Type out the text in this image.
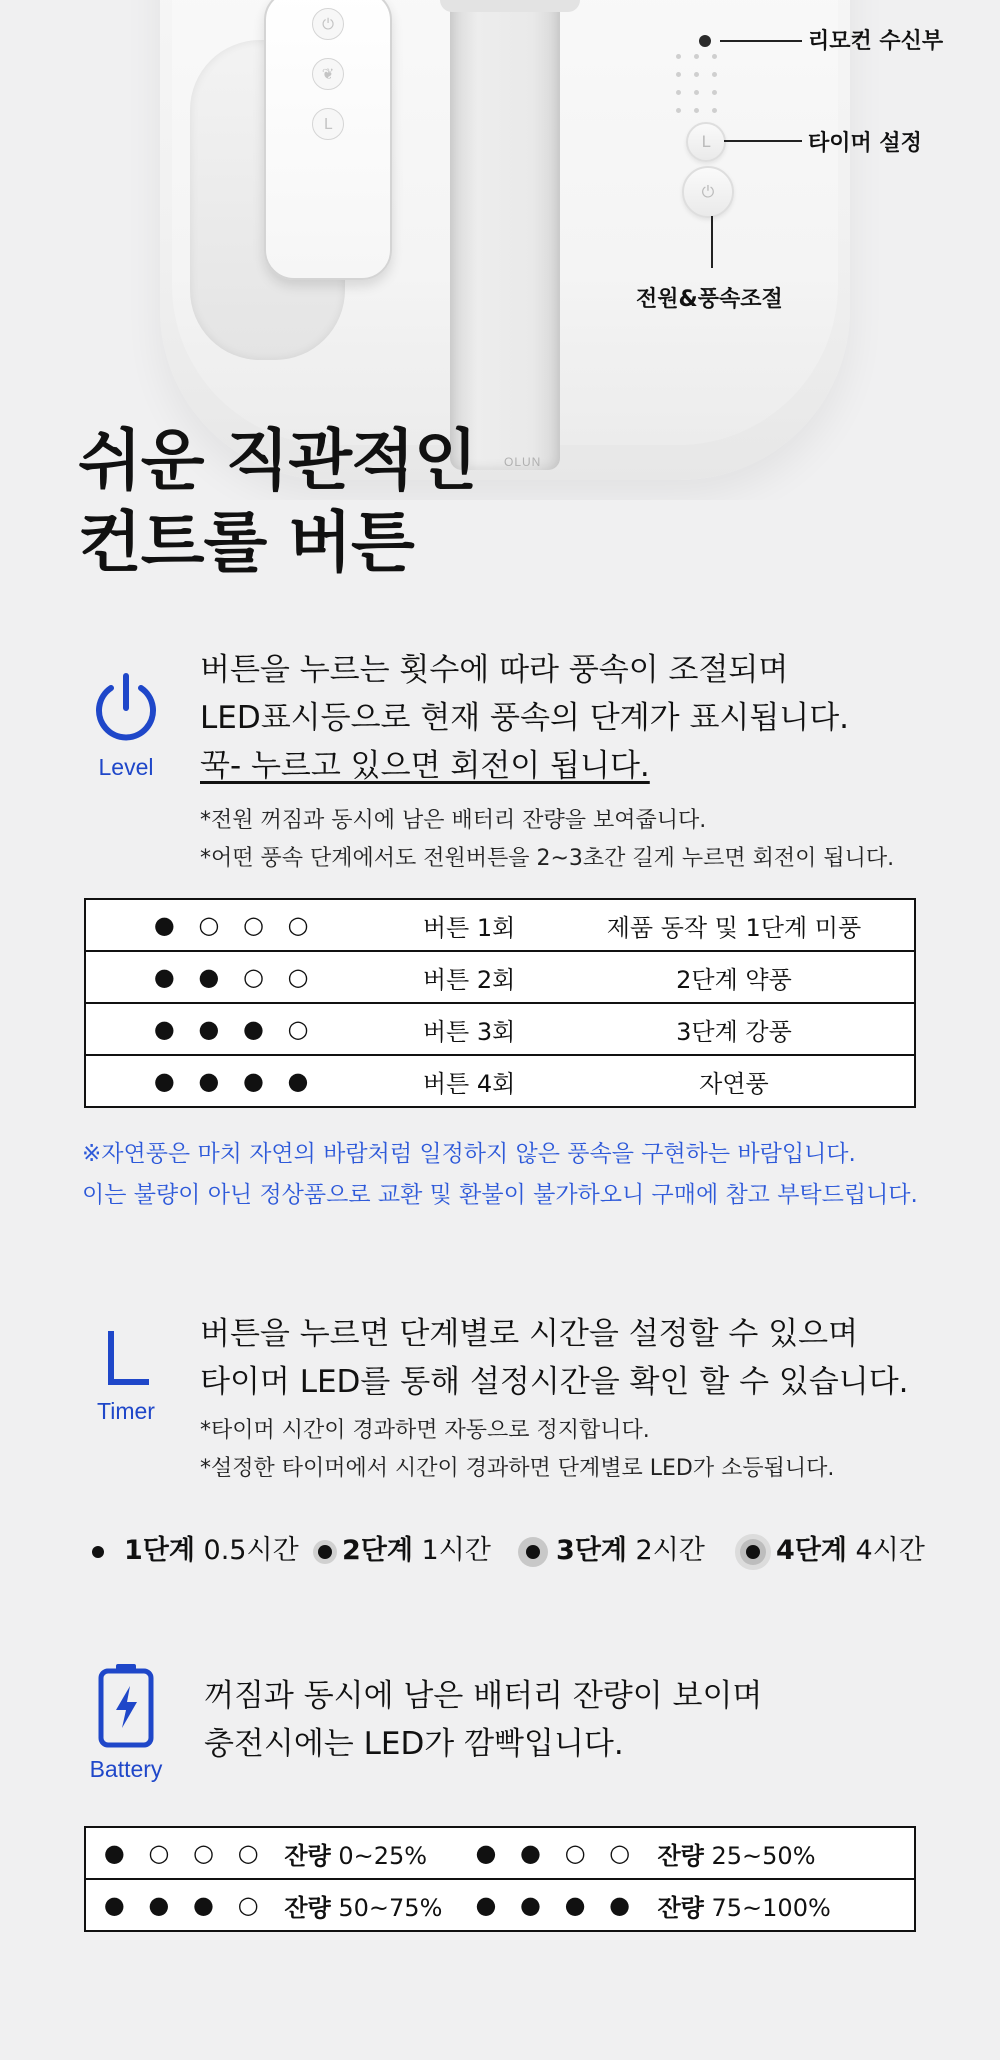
⏻
❦
L
OLUN
L
⏻
리모컨 수신부
타이머 설정
전원&풍속조절
쉬운 직관적인
컨트롤 버튼
Level
버튼을 누르는 횟수에 따라 풍속이 조절되며
LED표시등으로 현재 풍속의 단계가 표시됩니다.
꾹- 누르고 있으면 회전이 됩니다.
*전원 꺼짐과 동시에 남은 배터리 잔량을 보여줍니다.
*어떤 풍속 단계에서도 전원버튼을 2~3초간 길게 누르면 회전이 됩니다.
● ○ ○ ○	버튼 1회	제품 동작 및 1단계 미풍
● ● ○ ○	버튼 2회	2단계 약풍
● ● ● ○	버튼 3회	3단계 강풍
● ● ● ●	버튼 4회	자연풍
※자연풍은 마치 자연의 바람처럼 일정하지 않은 풍속을 구현하는 바람입니다.
이는 불량이 아닌 정상품으로 교환 및 환불이 불가하오니 구매에 참고 부탁드립니다.
Timer
버튼을 누르면 단계별로 시간을 설정할 수 있으며
타이머 LED를 통해 설정시간을 확인 할 수 있습니다.
*타이머 시간이 경과하면 자동으로 정지합니다.
*설정한 타이머에서 시간이 경과하면 단계별로 LED가 소등됩니다.
1단계 0.5시간	2단계 1시간	3단계 2시간	4단계 4시간
Battery
꺼짐과 동시에 남은 배터리 잔량이 보이며
충전시에는 LED가 깜빡입니다.
● ○ ○ ○	잔량 0~25%	● ● ○ ○	잔량 25~50%
● ● ● ○	잔량 50~75%	● ● ● ●	잔량 75~100%
